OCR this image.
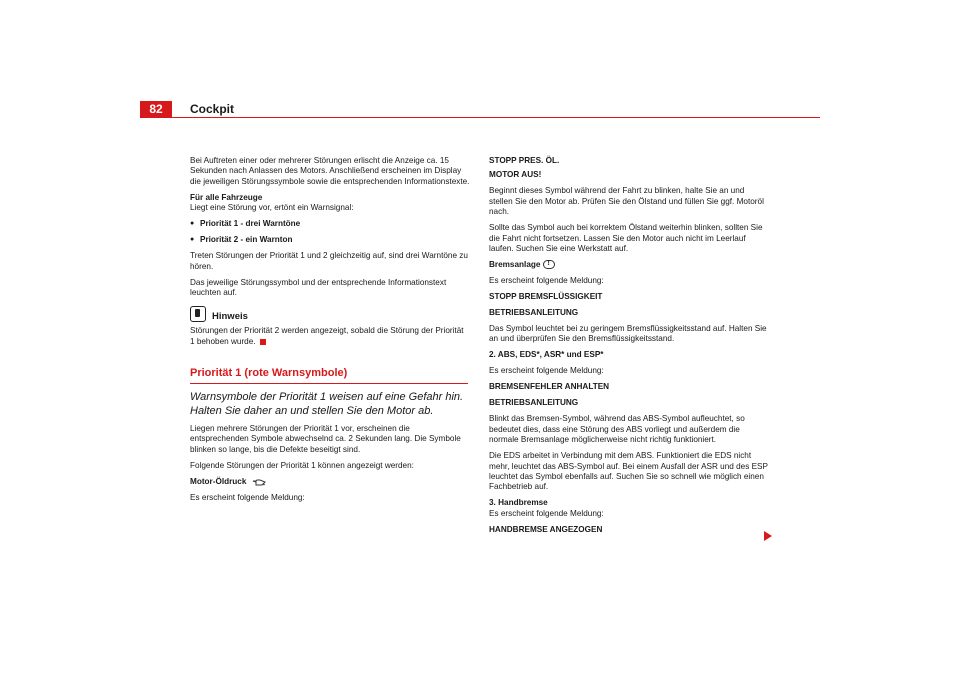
82	Cockpit

Bei Auftreten einer oder mehrerer Störungen erlischt die Anzeige ca. 15 Sekunden nach Anlassen des Motors. Anschließend erscheinen im Display die jeweiligen Störungssymbole sowie die entsprechenden Informationstexte.

Für alle Fahrzeuge

Liegt eine Störung vor, ertönt ein Warnsignal:

● Priorität 1 - drei Warntöne
● Priorität 2 - ein Warnton

Treten Störungen der Priorität 1 und 2 gleichzeitig auf, sind drei Warntöne zu hören.

Das jeweilige Störungssymbol und der entsprechende Informationstext leuchten auf.

Hinweis

Störungen der Priorität 2 werden angezeigt, sobald die Störung der Priorität 1 behoben wurde.

Priorität 1 (rote Warnsymbole)

Warnsymbole der Priorität 1 weisen auf eine Gefahr hin. Halten Sie daher an und stellen Sie den Motor ab.

Liegen mehrere Störungen der Priorität 1 vor, erscheinen die entsprechenden Symbole abwechselnd ca. 2 Sekunden lang. Die Symbole blinken so lange, bis die Defekte beseitigt sind.

Folgende Störungen der Priorität 1 können angezeigt werden:

Motor-Öldruck

Es erscheint folgende Meldung:

STOPP PRES. ÖL.

MOTOR AUS!

Beginnt dieses Symbol während der Fahrt zu blinken, halte Sie an und stellen Sie den Motor ab. Prüfen Sie den Ölstand und füllen Sie ggf. Motoröl nach.

Sollte das Symbol auch bei korrektem Ölstand weiterhin blinken, sollten Sie die Fahrt nicht fortsetzen. Lassen Sie den Motor auch nicht im Leerlauf laufen. Suchen Sie eine Werkstatt auf.

Bremsanlage!

Es erscheint folgende Meldung:

STOPP BREMSFLÜSSIGKEIT

BETRIEBSANLEITUNG

Das Symbol leuchtet bei zu geringem Bremsflüssigkeitsstand auf. Halten Sie an und überprüfen Sie den Bremsflüssigkeitsstand.

2. ABS, EDS*, ASR* und ESP*

Es erscheint folgende Meldung:

BREMSENFEHLER ANHALTEN

BETRIEBSANLEITUNG

Blinkt das Bremsen-Symbol, während das ABS-Symbol aufleuchtet, so bedeutet dies, dass eine Störung des ABS vorliegt und außerdem die normale Bremsanlage möglicherweise nicht richtig funktioniert.

Die EDS arbeitet in Verbindung mit dem ABS. Funktioniert die EDS nicht mehr, leuchtet das ABS-Symbol auf. Bei einem Ausfall der ASR und des ESP leuchtet das Symbol ebenfalls auf. Suchen Sie so schnell wie möglich einen Fachbetrieb auf.

3. Handbremse

Es erscheint folgende Meldung:

HANDBREMSE ANGEZOGEN
